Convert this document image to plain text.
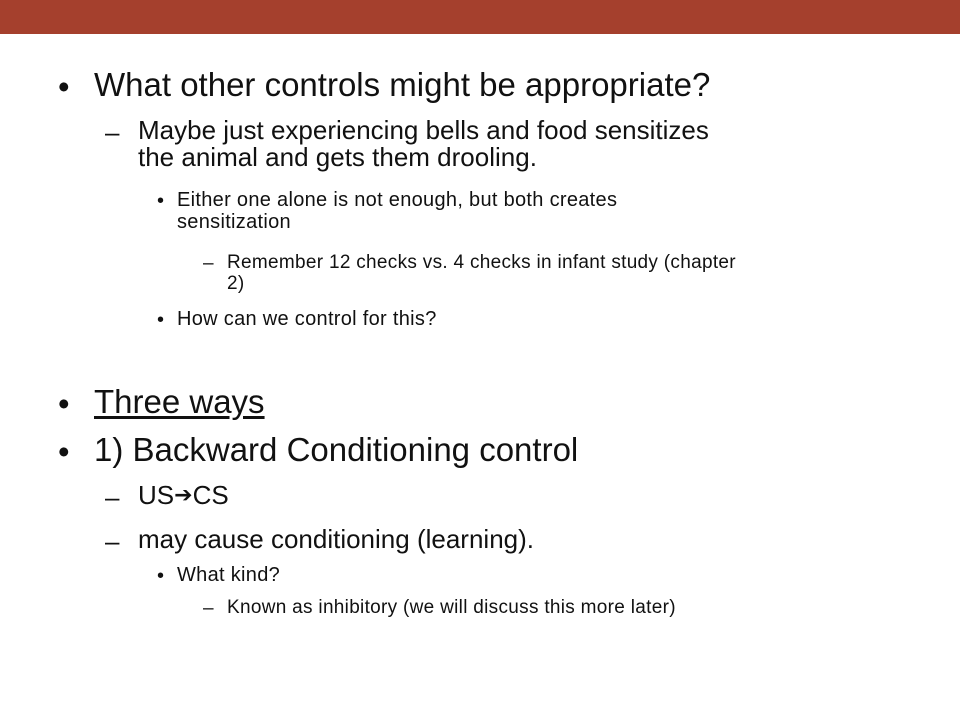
• What other controls might be appropriate?
– Maybe just experiencing bells and food sensitizes
the animal and gets them drooling.
• Either one alone is not enough, but both creates
sensitization
– Remember 12 checks vs. 4 checks in infant study (chapter
2)
• How can we control for this?
• Three ways
• 1) Backward Conditioning control
– US➔CS
– may cause conditioning (learning).
• What kind?
– Known as inhibitory (we will discuss this more later)
